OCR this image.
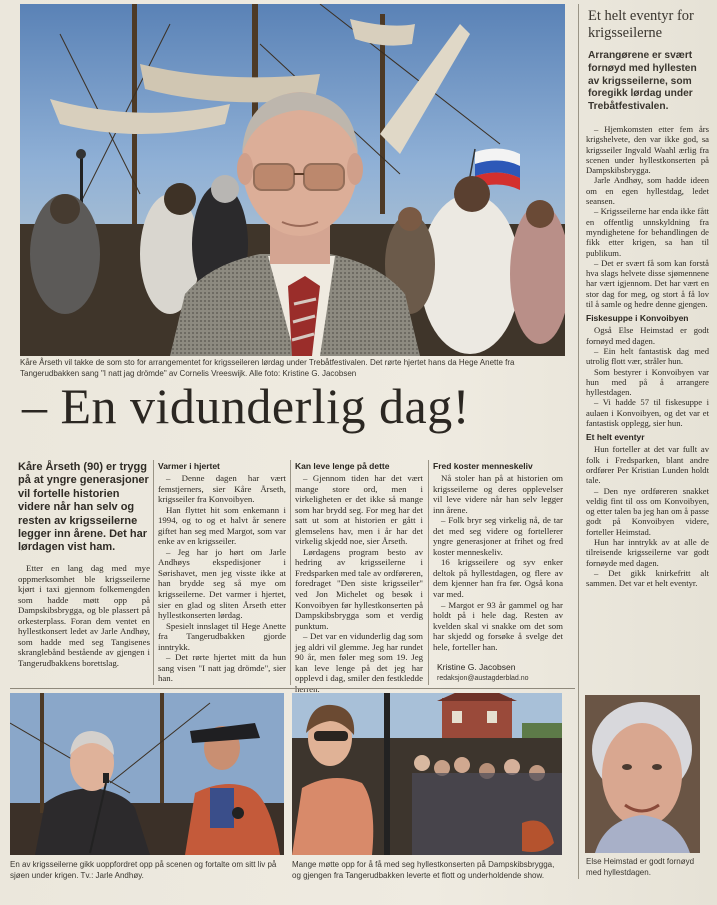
Kåre Årseth vil takke de som sto for arrangementet for krigsseileren lørdag under Trebåtfestivalen. Det rørte hjertet hans da Hege Anette fra Tangerudbakken sang "I natt jag drömde" av Cornelis Vreeswijk. Alle foto: Kristine G. Jacobsen
– En vidunderlig dag!
Kåre Årseth (90) er trygg på at yngre generasjoner vil fortelle historien videre når han selv og resten av krigsseilerne legger inn årene. Det har lørdagen vist ham.

Etter en lang dag med mye oppmerksomhet ble krigsseilerne kjørt i taxi gjennom folkemengden som hadde møtt opp på Dampskibsbrygga, og ble plassert på orkesterplass. Foran dem ventet en hyllestkonsert ledet av Jarle Andhøy, som hadde med seg Tangisenes skranglebånd bestående av gjengen i Tangerudbakkens borettslag.

Varmer i hjertet

– Denne dagen har vært femstjerners, sier Kåre Årseth, krigsseiler fra Konvoibyen.

Han flyttet hit som enkemann i 1994, og to og et halvt år senere giftet han seg med Margot, som var enke av en krigsseiler.

– Jeg har jo hørt om Jarle Andhøys ekspedisjoner i Sørishavet, men jeg visste ikke at han brydde seg så mye om krigsseilerne. Det varmer i hjertet, sier en glad og sliten Årseth etter hyllestkonserten lørdag.

Spesielt innslaget til Hege Anette fra Tangerudbakken gjorde inntrykk.

– Det rørte hjertet mitt da hun sang visen "I natt jag drömde", sier han.

Kan leve lenge på dette

– Gjennom tiden har det vært mange store ord, men i virkeligheten er det ikke så mange som har brydd seg. For meg har det satt ut som at historien er gått i glemselens hav, men i år har det virkelig skjedd noe, sier Årseth.

Lørdagens program besto av hedring av krigsseilerne i Fredsparken med tale av ordføreren, foredraget "Den siste krigsseiler" ved Jon Michelet og besøk i Konvoibyen før hyllestkonserten på Dampskibsbrygga som et verdig punktum.

– Det var en vidunderlig dag som jeg aldri vil glemme. Jeg har rundet 90 år, men føler meg som 19. Jeg kan leve lenge på det jeg har opplevd i dag, smiler den festkledde

Fred koster menneskeliv

Nå stoler han på at historien om krigsseilerne og deres opplevelser vil leve videre når han selv legger inn årene.

– Folk bryr seg virkelig nå, de tar det med seg videre og fortellerer yngre generasjoner at frihet og fred koster menneskeliv.

16 krigsseilere og syv enker deltok på hyllestdagen, og flere av dem kjenner han fra før. Også kona var med.

– Margot er 93 år gammel og har holdt på i hele dag. Resten av kvelden skal vi snakke om det som har skjedd og forsøke å svelge det hele, forteller han.

Kristine G. Jacobsen
redaksjon@austagderblad.no
Et helt eventyr for krigsseilerne
Arrangørene er svært fornøyd med hyllesten av krigsseilerne, som foregikk lørdag under Trebåtfestivalen.

– Hjemkomsten etter fem års krigshelvete, den var ikke god, sa krigsseiler Ingvald Waahl ærlig fra scenen under hyllestkonserten på Dampskibsbrygga.

Jarle Andhøy, som hadde ideen om en egen hyllestdag, ledet seansen.

– Krigsseilerne har enda ikke fått en offentlig unnskyldning fra myndighetene for behandlingen de fikk etter krigen, sa han til publikum.

– Det er svært få som kan forstå hva slags helvete disse sjømennene har vært igjennom. Det har vært en stor dag for meg, og stort å få lov til å samle og hedre denne gjengen.

Fiskesuppe i Konvoibyen

Også Else Heimstad er godt fornøyd med dagen.

– Ein helt fantastisk dag med utrolig flott vær, stråler hun.

Som bestyrer i Konvoibyen var hun med på å arrangere hyllestdagen.

– Vi hadde 57 til fiskesuppe i aulaen i Konvoibyen, og det var et fantastisk opplegg, sier hun.

Et helt eventyr

Hun forteller at det var fullt av folk i Fredsparken, blant andre ordfører Per Kristian Lunden holdt tale.

– Den nye ordføreren snakket veldig fint til oss om Konvoibyen, og etter talen ba jeg han om å passe godt på Konvoibyen videre, forteller Heimstad.

Hun har inntrykk av at alle de tilreisende krigsseilerne var godt fornøyde med dagen.

– Det gikk knirkefritt alt sammen. Det var et helt eventyr.

Else Heimstad er godt fornøyd med hyllestdagen.
En av krigsseilerne gikk uoppfordret opp på scenen og fortalte om sitt liv på sjøen under krigen. Tv.: Jarle Andhøy.
Mange møtte opp for å få med seg hyllestkonserten på Dampskibsbrygga, og gjengen fra Tangerudbakken leverte et flott og underholdende show.
